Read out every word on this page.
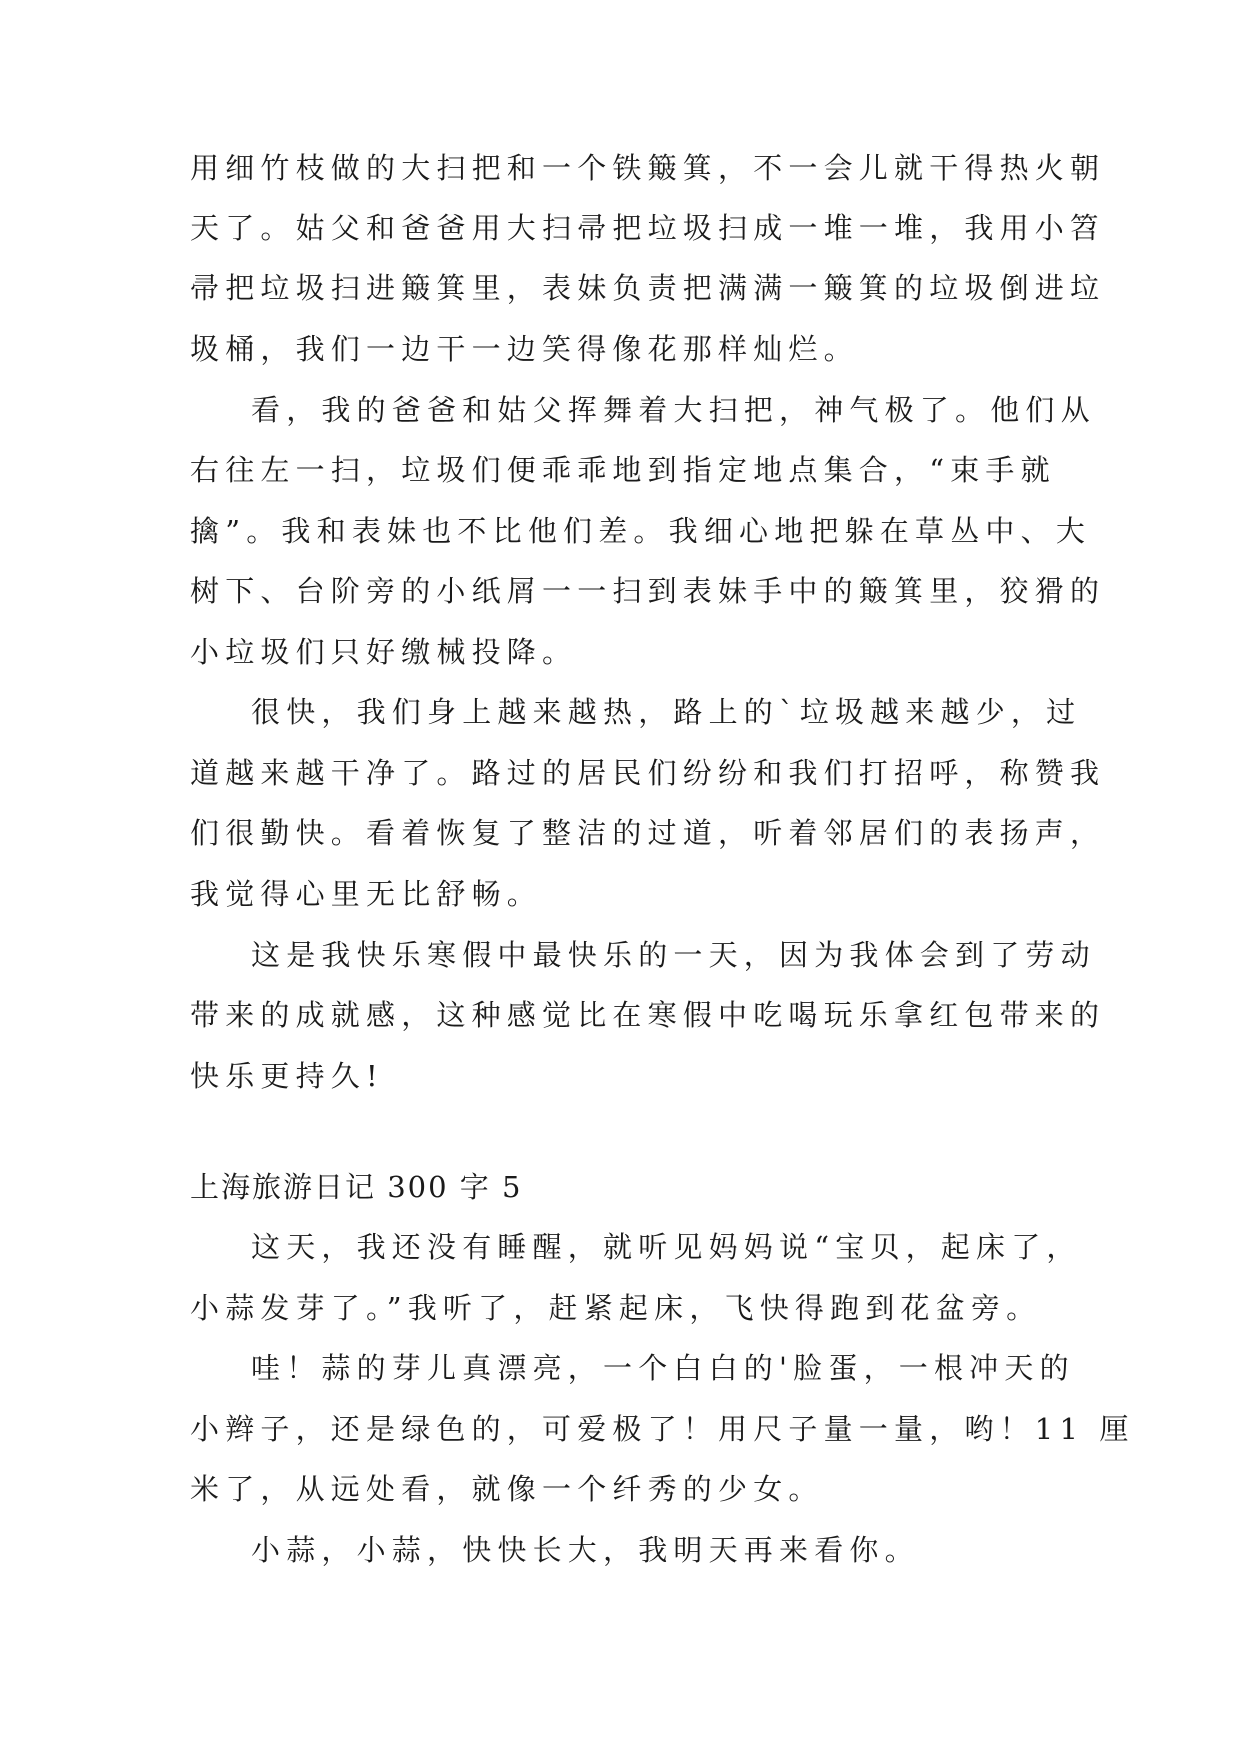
用细竹枝做的大扫把和一个铁簸箕，不一会儿就干得热火朝
天了。姑父和爸爸用大扫帚把垃圾扫成一堆一堆，我用小笤
帚把垃圾扫进簸箕里，表妹负责把满满一簸箕的垃圾倒进垃
圾桶，我们一边干一边笑得像花那样灿烂。
看，我的爸爸和姑父挥舞着大扫把，神气极了。他们从
右往左一扫，垃圾们便乖乖地到指定地点集合，“束手就
擒”。我和表妹也不比他们差。我细心地把躲在草丛中、大
树下、台阶旁的小纸屑一一扫到表妹手中的簸箕里，狡猾的
小垃圾们只好缴械投降。
很快，我们身上越来越热，路上的`垃圾越来越少，过
道越来越干净了。路过的居民们纷纷和我们打招呼，称赞我
们很勤快。看着恢复了整洁的过道，听着邻居们的表扬声，
我觉得心里无比舒畅。
这是我快乐寒假中最快乐的一天，因为我体会到了劳动
带来的成就感，这种感觉比在寒假中吃喝玩乐拿红包带来的
快乐更持久!
上海旅游日记 300 字 5
这天，我还没有睡醒，就听见妈妈说“宝贝，起床了，
小蒜发芽了。”我听了，赶紧起床，飞快得跑到花盆旁。
哇！蒜的芽儿真漂亮，一个白白的'脸蛋，一根冲天的
小辫子，还是绿色的，可爱极了！用尺子量一量，哟！11 厘
米了，从远处看，就像一个纤秀的少女。
小蒜，小蒜，快快长大，我明天再来看你。
